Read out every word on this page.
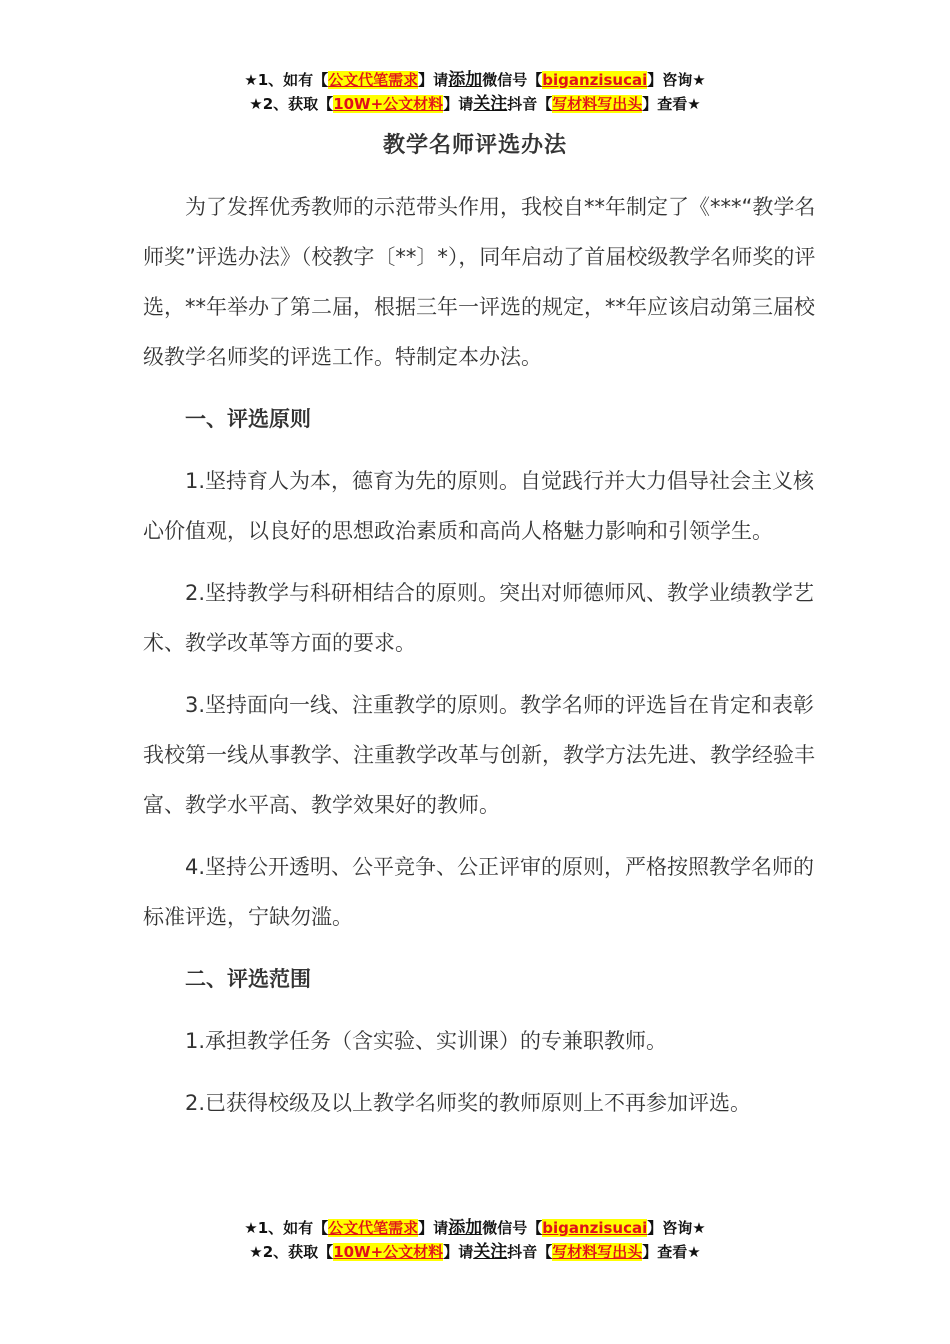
★1、如有【公文代笔需求】请添加微信号【biganzisucai】咨询★
★2、获取【10W+公文材料】请关注抖音【写材料写出头】查看★
教学名师评选办法

为了发挥优秀教师的示范带头作用，我校自**年制定了《***“教学名师奖”评选办法》（校教字〔**〕*），同年启动了首届校级教学名师奖的评选，**年举办了第二届，根据三年一评选的规定，**年应该启动第三届校级教学名师奖的评选工作。特制定本办法。

一、评选原则

1.坚持育人为本，德育为先的原则。自觉践行并大力倡导社会主义核心价值观，以良好的思想政治素质和高尚人格魅力影响和引领学生。

2.坚持教学与科研相结合的原则。突出对师德师风、教学业绩教学艺术、教学改革等方面的要求。

3.坚持面向一线、注重教学的原则。教学名师的评选旨在肯定和表彰我校第一线从事教学、注重教学改革与创新，教学方法先进、教学经验丰富、教学水平高、教学效果好的教师。

4.坚持公开透明、公平竞争、公正评审的原则，严格按照教学名师的标准评选，宁缺勿滥。

二、评选范围

1.承担教学任务（含实验、实训课）的专兼职教师。

2.已获得校级及以上教学名师奖的教师原则上不再参加评选。

★1、如有【公文代笔需求】请添加微信号【biganzisucai】咨询★
★2、获取【10W+公文材料】请关注抖音【写材料写出头】查看★
